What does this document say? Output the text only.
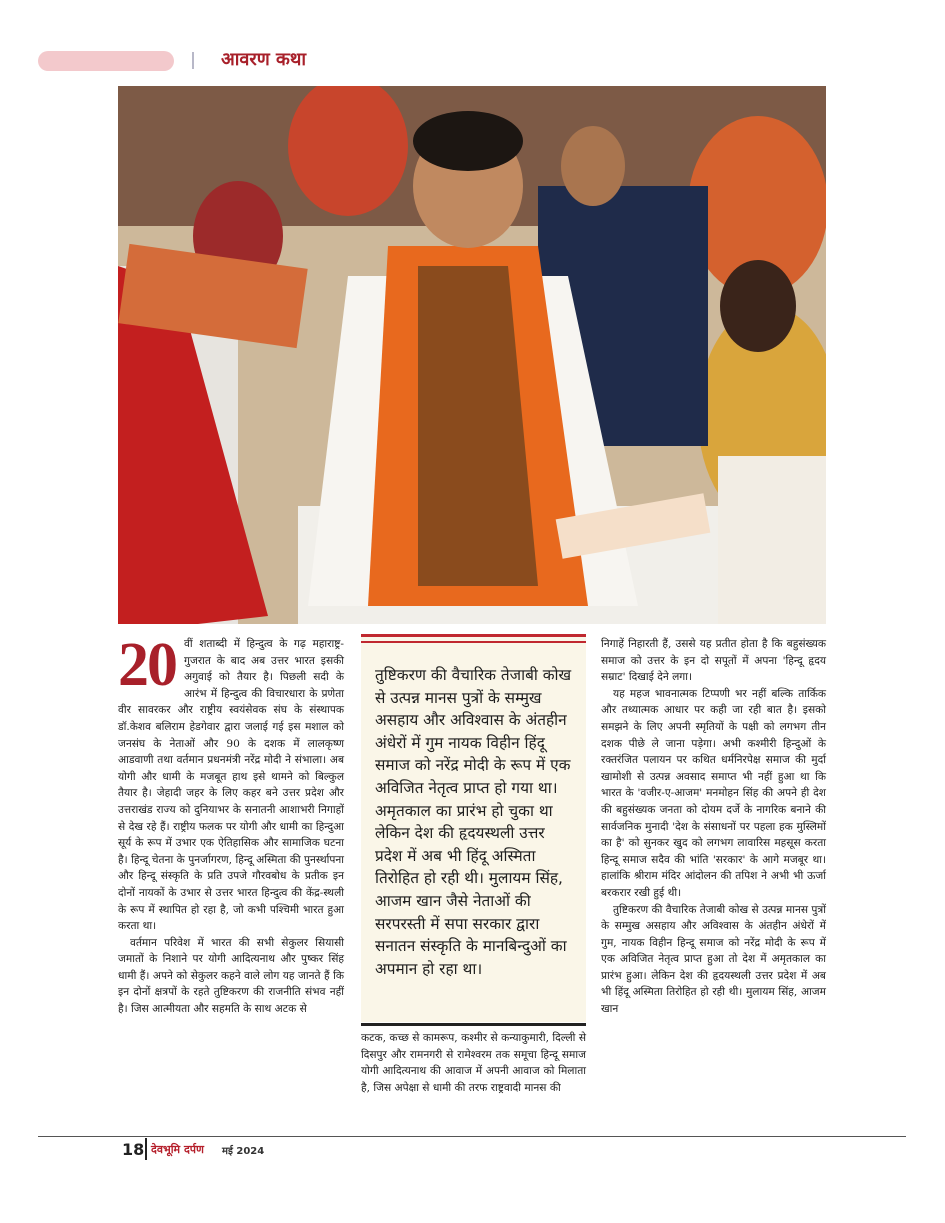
आवरण कथा
20 वीं शताब्दी में हिन्दुत्व के गढ़ महाराष्ट्र-गुजरात के बाद अब उत्तर भारत इसकी अगुवाई को तैयार है। पिछली सदी के आरंभ में हिन्दुत्व की विचारधारा के प्रणेता वीर सावरकर और राष्ट्रीय स्वयंसेवक संघ के संस्थापक डॉ.केशव बलिराम हेडगेवार द्वारा जलाई गई इस मशाल को जनसंघ के नेताओं और 90 के दशक में लालकृष्ण आडवाणी तथा वर्तमान प्रधनमंत्री नरेंद्र मोदी ने संभाला। अब योगी और धामी के मजबूत हाथ इसे थामने को बिल्कुल तैयार है। जेहादी जहर के लिए कहर बने उत्तर प्रदेश और उत्तराखंड राज्य को दुनियाभर के सनातनी आशाभरी निगाहों से देख रहे हैं। राष्ट्रीय फलक पर योगी और धामी का हिन्दुआ सूर्य के रूप में उभार एक ऐतिहासिक और सामाजिक घटना है। हिन्दू चेतना के पुनर्जागरण, हिन्दू अस्मिता की पुनर्स्थापना और हिन्दू संस्कृति के प्रति उपजे गौरवबोध के प्रतीक इन दोनों नायकों के उभार से उत्तर भारत हिन्दुत्व की केंद्र-स्थली के रूप में स्थापित हो रहा है, जो कभी पश्चिमी भारत हुआ करता था।

वर्तमान परिवेश में भारत की सभी सेकुलर सियासी जमातों के निशाने पर योगी आदित्यनाथ और पुष्कर सिंह धामी हैं। अपने को सेकुलर कहने वाले लोग यह जानते हैं कि इन दोनों क्षत्रपों के रहते तुष्टिकरण की राजनीति संभव नहीं है। जिस आत्मीयता और सहमति के साथ अटक से

तुष्टिकरण की वैचारिक तेजाबी कोख से उत्पन्न मानस पुत्रों के सम्मुख असहाय और अविश्वास के अंतहीन अंधेरों में गुम नायक विहीन हिंदू समाज को नरेंद्र मोदी के रूप में एक अविजित नेतृत्व प्राप्त हो गया था। अमृतकाल का प्रारंभ हो चुका था लेकिन देश की हृदयस्थली उत्तर प्रदेश में अब भी हिंदू अस्मिता तिरोहित हो रही थी। मुलायम सिंह, आजम खान जैसे नेताओं की सरपरस्ती में सपा सरकार द्वारा सनातन संस्कृति के मानबिन्दुओं का अपमान हो रहा था।

कटक, कच्छ से कामरूप, कश्मीर से कन्याकुमारी, दिल्ली से दिसपुर और रामनगरी से रामेश्वरम तक समूचा हिन्दू समाज योगी आदित्यनाथ की आवाज में अपनी आवाज को मिलाता है, जिस अपेक्षा से धामी की तरफ राष्ट्रवादी मानस की

निगाहें निहारती हैं, उससे यह प्रतीत होता है कि बहुसंख्यक समाज को उत्तर के इन दो सपूतों में अपना 'हिन्दू हृदय सम्राट' दिखाई देने लगा।

यह महज भावनात्मक टिप्पणी भर नहीं बल्कि तार्किक और तथ्यात्मक आधार पर कही जा रही बात है। इसको समझने के लिए अपनी स्मृतियों के पक्षी को लगभग तीन दशक पीछे ले जाना पड़ेगा। अभी कश्मीरी हिन्दुओं के रक्तरंजित पलायन पर कथित धर्मनिरपेक्ष समाज की मुर्दा खामोशी से उत्पन्न अवसाद समाप्त भी नहीं हुआ था कि भारत के 'वजीर-ए-आजम' मनमोहन सिंह की अपने ही देश की बहुसंख्यक जनता को दोयम दर्जे के नागरिक बनाने की सार्वजनिक मुनादी 'देश के संसाधनों पर पहला हक मुस्लिमों का है' को सुनकर खुद को लगभग लावारिस महसूस करता हिन्दू समाज सदैव की भांति 'सरकार' के आगे मजबूर था। हालांकि श्रीराम मंदिर आंदोलन की तपिश ने अभी भी ऊर्जा बरकरार रखी हुई थी।

तुष्टिकरण की वैचारिक तेजाबी कोख से उत्पन्न मानस पुत्रों के सम्मुख असहाय और अविश्वास के अंतहीन अंधेरों में गुम, नायक विहीन हिन्दू समाज को नरेंद्र मोदी के रूप में एक अविजित नेतृत्व प्राप्त हुआ तो देश में अमृतकाल का प्रारंभ हुआ। लेकिन देश की हृदयस्थली उत्तर प्रदेश में अब भी हिंदू अस्मिता तिरोहित हो रही थी। मुलायम सिंह, आजम खान

18 देवभूमि दर्पण मई 2024
